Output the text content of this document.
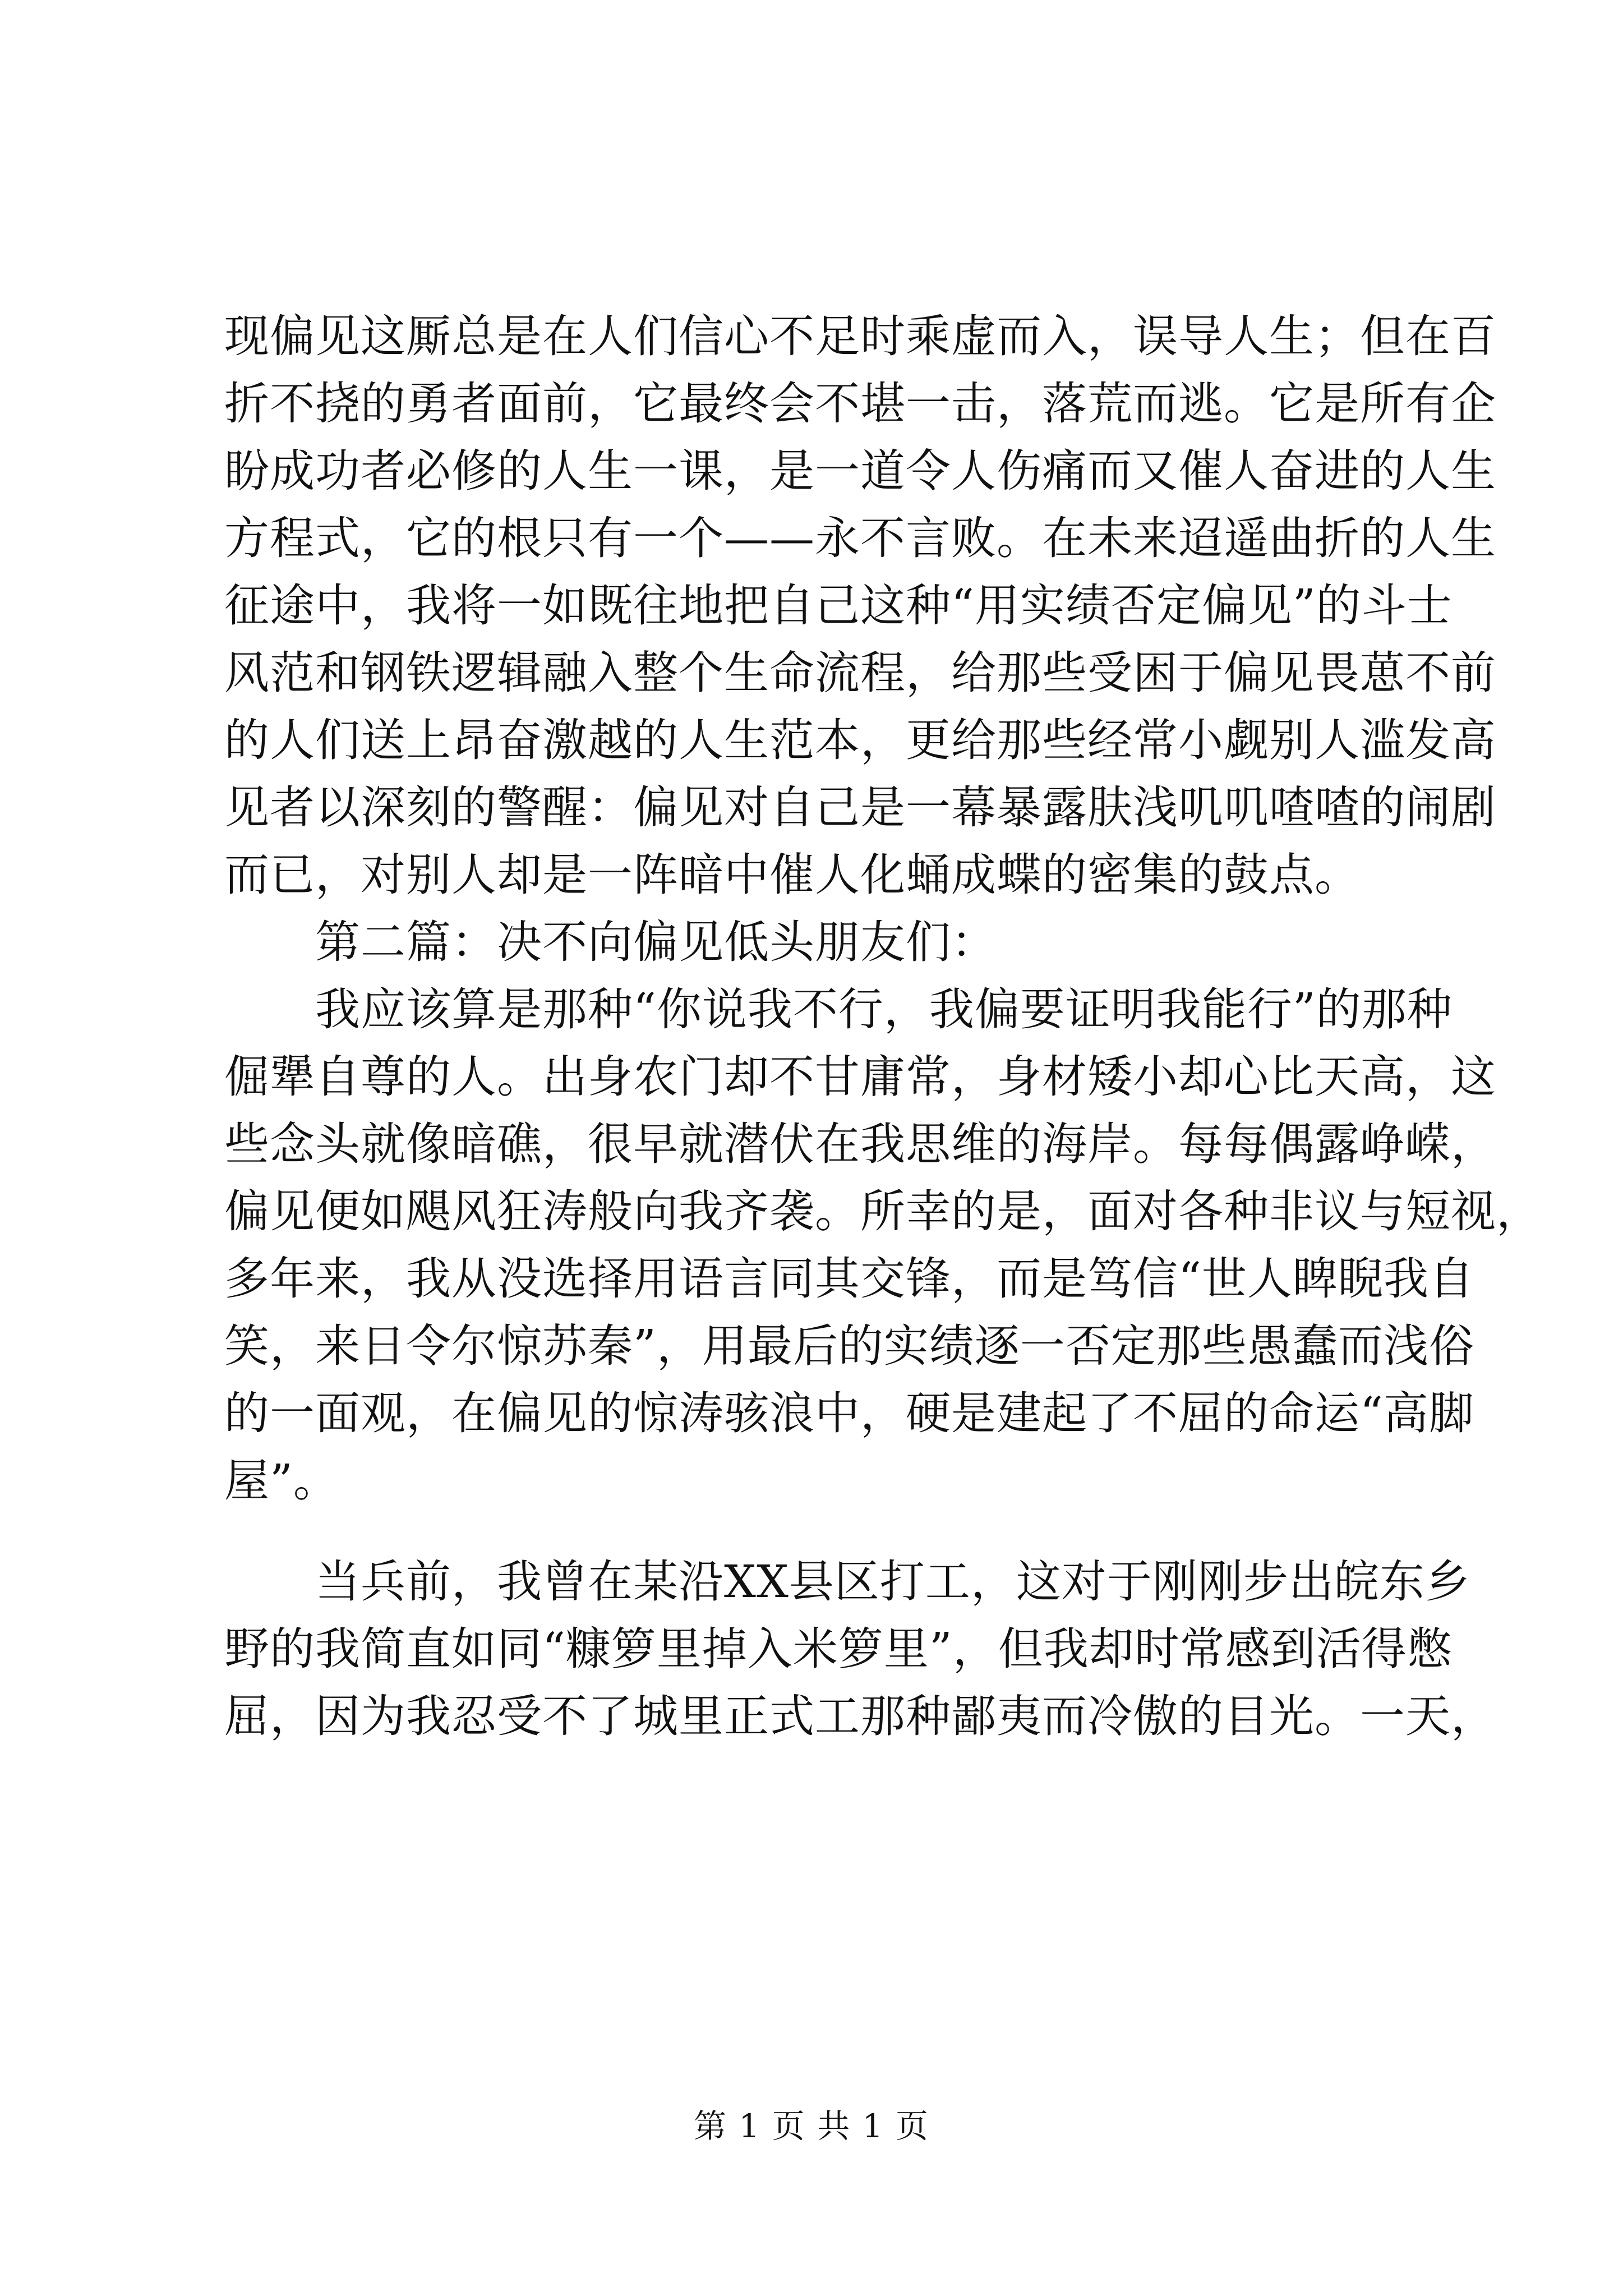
现偏见这厮总是在人们信心不足时乘虚而入，误导人生；但在百

折不挠的勇者面前，它最终会不堪一击，落荒而逃。它是所有企

盼成功者必修的人生一课，是一道令人伤痛而又催人奋进的人生

方程式，它的根只有一个——永不言败。在未来迢遥曲折的人生

征途中，我将一如既往地把自己这种“用实绩否定偏见”的斗士

风范和钢铁逻辑融入整个生命流程，给那些受困于偏见畏葸不前

的人们送上昂奋激越的人生范本，更给那些经常小觑别人滥发高

见者以深刻的警醒：偏见对自己是一幕暴露肤浅叽叽喳喳的闹剧

而已，对别人却是一阵暗中催人化蛹成蝶的密集的鼓点。

　　第二篇：决不向偏见低头朋友们：

　　我应该算是那种“你说我不行，我偏要证明我能行”的那种

倔犟自尊的人。出身农门却不甘庸常，身材矮小却心比天高，这

些念头就像暗礁，很早就潜伏在我思维的海岸。每每偶露峥嵘，

偏见便如飓风狂涛般向我齐袭。所幸的是，面对各种非议与短视，

多年来，我从没选择用语言同其交锋，而是笃信“世人睥睨我自

笑，来日令尔惊苏秦”，用最后的实绩逐一否定那些愚蠢而浅俗

的一面观，在偏见的惊涛骇浪中，硬是建起了不屈的命运“高脚

屋”。

　　当兵前，我曾在某沿XX县区打工，这对于刚刚步出皖东乡

野的我简直如同“糠箩里掉入米箩里”，但我却时常感到活得憋

屈，因为我忍受不了城里正式工那种鄙夷而冷傲的目光。一天，

第 1 页 共 1 页
